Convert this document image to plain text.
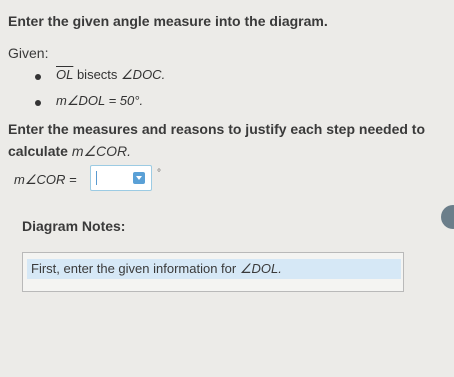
Enter the given angle measure into the diagram.
Given:
$\overline{OL}$ bisects ∠DOC.
m∠DOL = 50°.
Enter the measures and reasons to justify each step needed to calculate m∠COR.
m∠COR =	°
Diagram Notes:
First, enter the given information for ∠DOL.
